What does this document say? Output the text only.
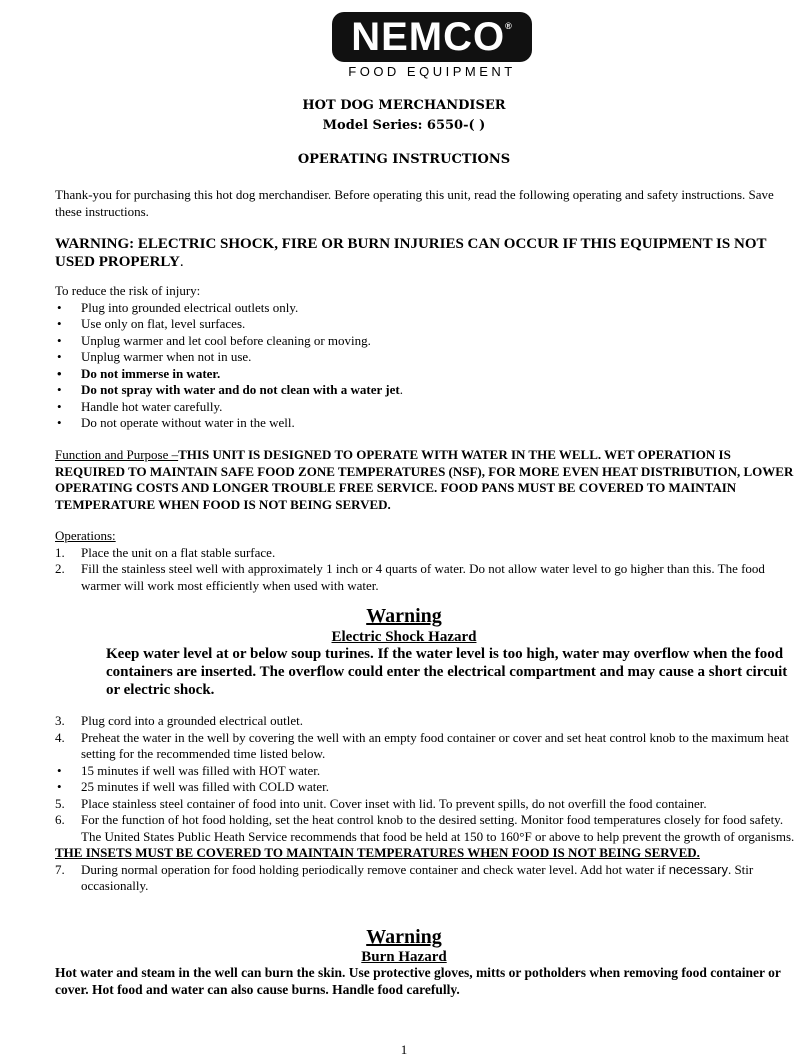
NEMCO®
FOOD EQUIPMENT
HOT DOG MERCHANDISER
Model Series: 6550-( )
OPERATING INSTRUCTIONS
Thank-you for purchasing this hot dog merchandiser. Before operating this unit, read the following operating and safety instructions. Save these instructions.
WARNING: ELECTRIC SHOCK, FIRE OR BURN INJURIES CAN OCCUR IF THIS EQUIPMENT IS NOT USED PROPERLY.
To reduce the risk of injury:
• Plug into grounded electrical outlets only.
• Use only on flat, level surfaces.
• Unplug warmer and let cool before cleaning or moving.
• Unplug warmer when not in use.
• Do not immerse in water.
• Do not spray with water and do not clean with a water jet.
• Handle hot water carefully.
• Do not operate without water in the well.
Function and Purpose –THIS UNIT IS DESIGNED TO OPERATE WITH WATER IN THE WELL. WET OPERATION IS REQUIRED TO MAINTAIN SAFE FOOD ZONE TEMPERATURES (NSF), FOR MORE EVEN HEAT DISTRIBUTION, LOWER OPERATING COSTS AND LONGER TROUBLE FREE SERVICE. FOOD PANS MUST BE COVERED TO MAINTAIN TEMPERATURE WHEN FOOD IS NOT BEING SERVED.
Operations:
1. Place the unit on a flat stable surface.
2. Fill the stainless steel well with approximately 1 inch or 4 quarts of water. Do not allow water level to go higher than this. The food warmer will work most efficiently when used with water.
Warning
Electric Shock Hazard
Keep water level at or below soup turines. If the water level is too high, water may overflow when the food containers are inserted. The overflow could enter the electrical compartment and may cause a short circuit or electric shock.
3. Plug cord into a grounded electrical outlet.
4. Preheat the water in the well by covering the well with an empty food container or cover and set heat control knob to the maximum heat setting for the recommended time listed below.
• 15 minutes if well was filled with HOT water.
• 25 minutes if well was filled with COLD water.
5. Place stainless steel container of food into unit. Cover inset with lid. To prevent spills, do not overfill the food container.
6. For the function of hot food holding, set the heat control knob to the desired setting. Monitor food temperatures closely for food safety. The United States Public Heath Service recommends that food be held at 150 to 160°F or above to help prevent the growth of organisms.
THE INSETS MUST BE COVERED TO MAINTAIN TEMPERATURES WHEN FOOD IS NOT BEING SERVED.
7. During normal operation for food holding periodically remove container and check water level. Add hot water if necessary. Stir occasionally.
Warning
Burn Hazard
Hot water and steam in the well can burn the skin. Use protective gloves, mitts or potholders when removing food container or cover. Hot food and water can also cause burns. Handle food carefully.
1
